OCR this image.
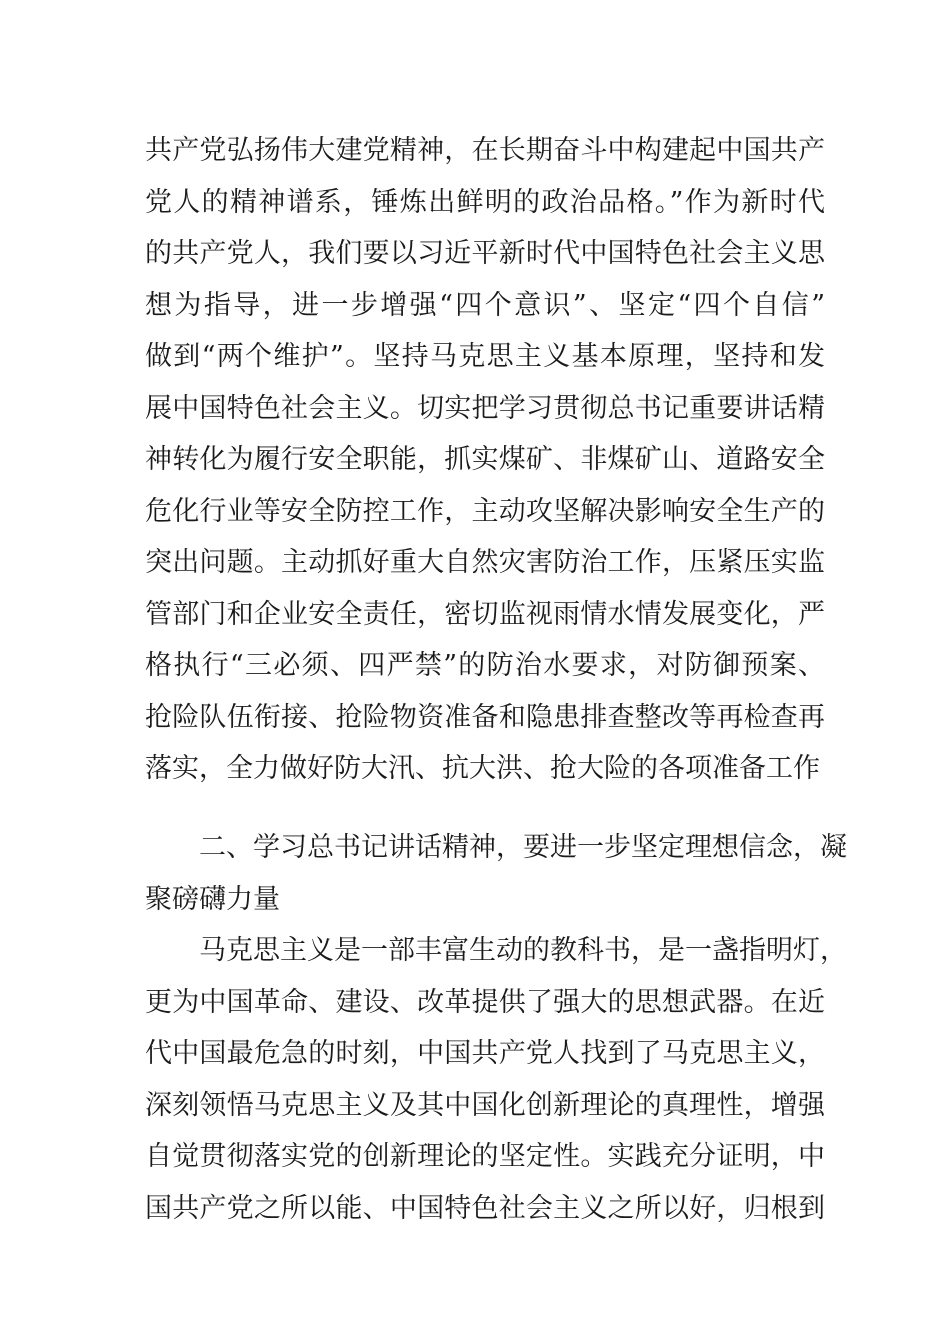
共产党弘扬伟大建党精神，在长期奋斗中构建起中国共产
党人的精神谱系，锤炼出鲜明的政治品格。”作为新时代
的共产党人，我们要以习近平新时代中国特色社会主义思
想为指导，进一步增强“四个意识”、坚定“四个自信”
做到“两个维护”。坚持马克思主义基本原理，坚持和发
展中国特色社会主义。切实把学习贯彻总书记重要讲话精
神转化为履行安全职能，抓实煤矿、非煤矿山、道路安全
危化行业等安全防控工作，主动攻坚解决影响安全生产的
突出问题。主动抓好重大自然灾害防治工作，压紧压实监
管部门和企业安全责任，密切监视雨情水情发展变化，严
格执行“三必须、四严禁”的防治水要求，对防御预案、
抢险队伍衔接、抢险物资准备和隐患排查整改等再检查再
落实，全力做好防大汛、抗大洪、抢大险的各项准备工作
二、学习总书记讲话精神，要进一步坚定理想信念，凝
聚磅礴力量
马克思主义是一部丰富生动的教科书，是一盏指明灯，
更为中国革命、建设、改革提供了强大的思想武器。在近
代中国最危急的时刻，中国共产党人找到了马克思主义，
深刻领悟马克思主义及其中国化创新理论的真理性，增强
自觉贯彻落实党的创新理论的坚定性。实践充分证明，中
国共产党之所以能、中国特色社会主义之所以好，归根到
